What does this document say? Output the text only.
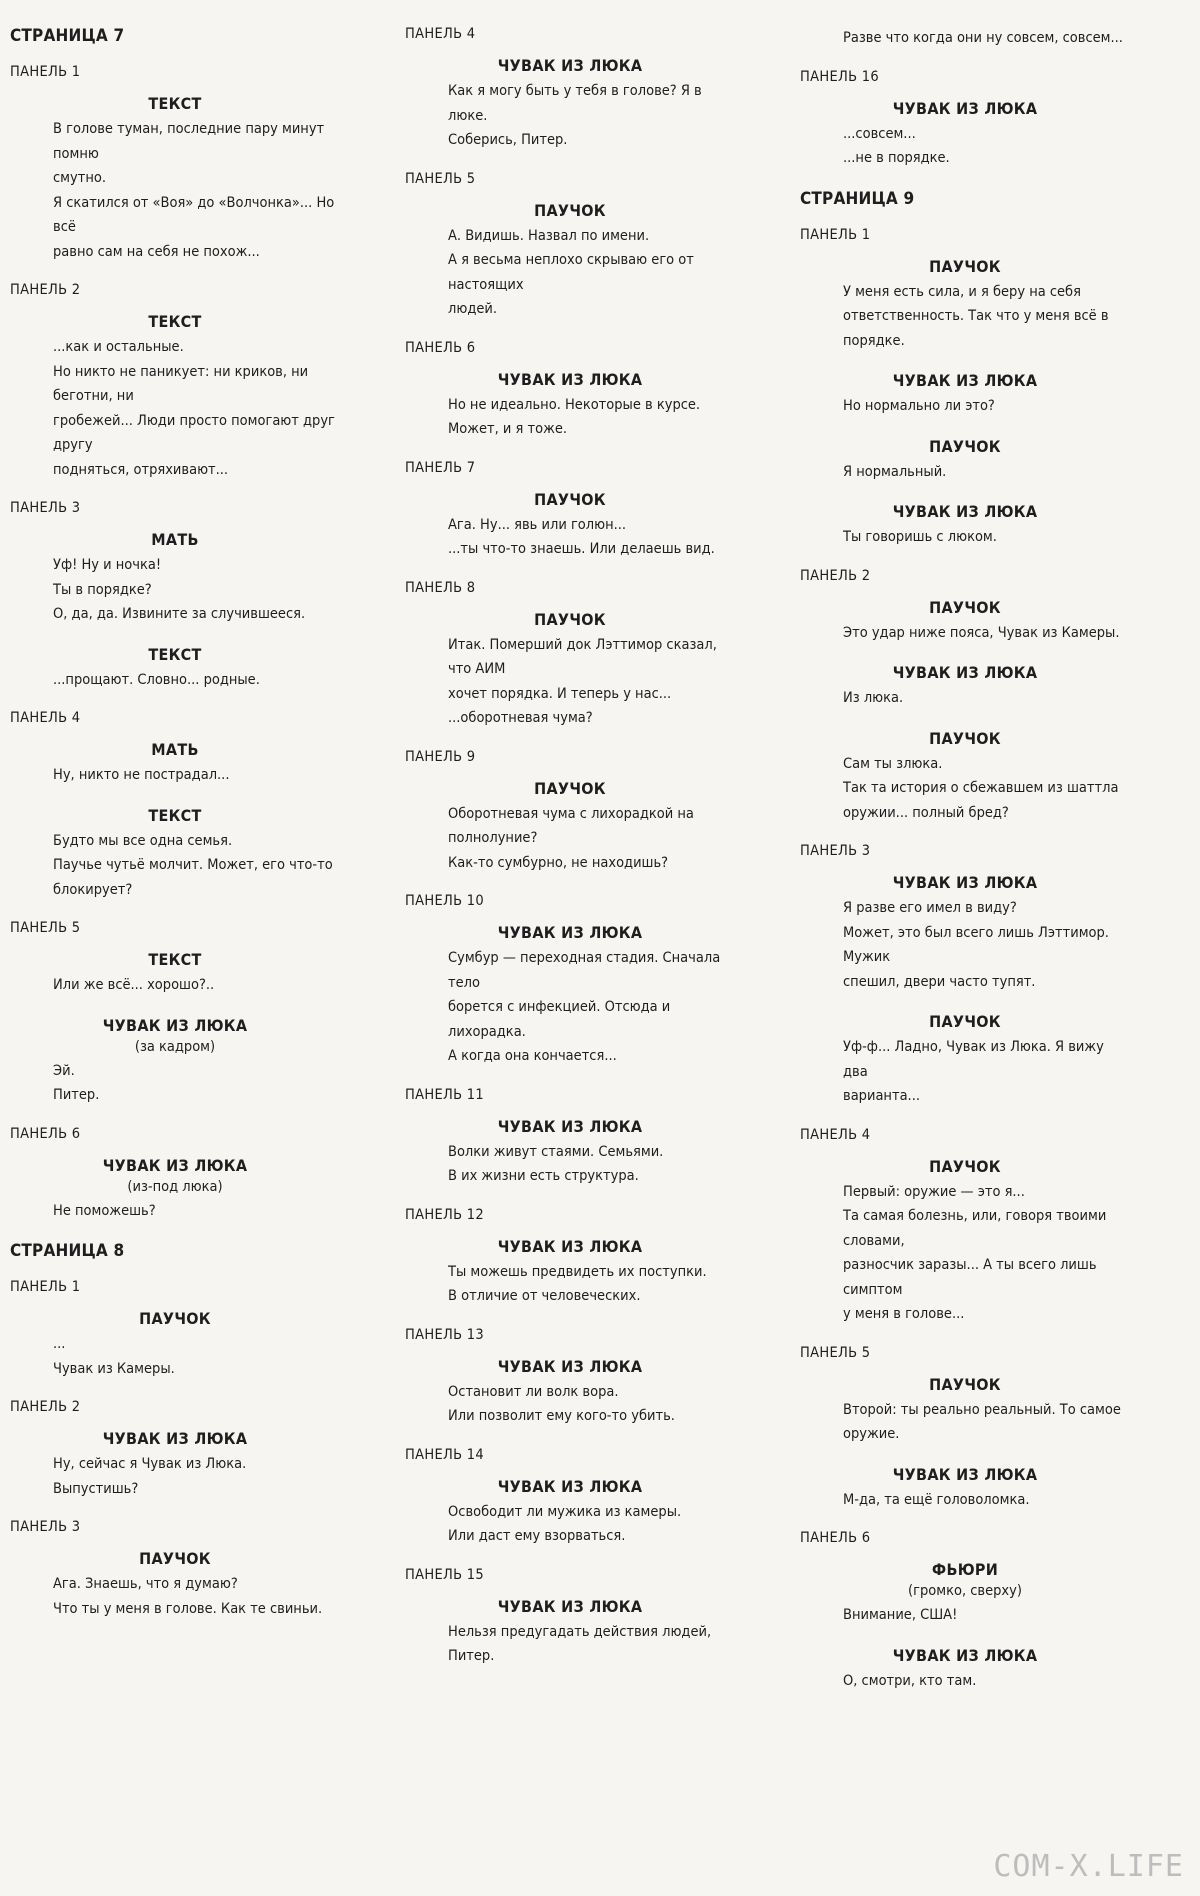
СТРАНИЦА 7
ПАНЕЛЬ 1
ТЕКСТ
В голове туман, последние пару минут помню
смутно.
Я скатился от «Воя» до «Волчонка»... Но всё
равно сам на себя не похож...
ПАНЕЛЬ 2
ТЕКСТ
...как и остальные.
Но никто не паникует: ни криков, ни беготни, ни
гробежей... Люди просто помогают друг другу
подняться, отряхивают...
ПАНЕЛЬ 3
МАТЬ
Уф! Ну и ночка!
Ты в порядке?
О, да, да. Извините за случившееся.
ТЕКСТ
...прощают. Словно... родные.
ПАНЕЛЬ 4
МАТЬ
Ну, никто не пострадал...
ТЕКСТ
Будто мы все одна семья.
Паучье чутьё молчит. Может, его что-то
блокирует?
ПАНЕЛЬ 5
ТЕКСТ
Или же всё... хорошо?..
ЧУВАК ИЗ ЛЮКА
(за кадром)
Эй.
Питер.
ПАНЕЛЬ 6
ЧУВАК ИЗ ЛЮКА
(из-под люка)
Не поможешь?
СТРАНИЦА 8
ПАНЕЛЬ 1
ПАУЧОК
...
Чувак из Камеры.
ПАНЕЛЬ 2
ЧУВАК ИЗ ЛЮКА
Ну, сейчас я Чувак из Люка.
Выпустишь?
ПАНЕЛЬ 3
ПАУЧОК
Ага. Знаешь, что я думаю?
Что ты у меня в голове. Как те свиньи.
ПАНЕЛЬ 4
ЧУВАК ИЗ ЛЮКА
Как я могу быть у тебя в голове? Я в люке.
Соберись, Питер.
ПАНЕЛЬ 5
ПАУЧОК
А. Видишь. Назвал по имени.
А я весьма неплохо скрываю его от настоящих
людей.
ПАНЕЛЬ 6
ЧУВАК ИЗ ЛЮКА
Но не идеально. Некоторые в курсе.
Может, и я тоже.
ПАНЕЛЬ 7
ПАУЧОК
Ага. Ну... явь или голюн...
...ты что-то знаешь. Или делаешь вид.
ПАНЕЛЬ 8
ПАУЧОК
Итак. Померший док Лэттимор сказал, что АИМ
хочет порядка. И теперь у нас...
...оборотневая чума?
ПАНЕЛЬ 9
ПАУЧОК
Оборотневая чума с лихорадкой на полнолуние?
Как-то сумбурно, не находишь?
ПАНЕЛЬ 10
ЧУВАК ИЗ ЛЮКА
Сумбур — переходная стадия. Сначала тело
борется с инфекцией. Отсюда и лихорадка.
А когда она кончается...
ПАНЕЛЬ 11
ЧУВАК ИЗ ЛЮКА
Волки живут стаями. Семьями.
В их жизни есть структура.
ПАНЕЛЬ 12
ЧУВАК ИЗ ЛЮКА
Ты можешь предвидеть их поступки.
В отличие от человеческих.
ПАНЕЛЬ 13
ЧУВАК ИЗ ЛЮКА
Остановит ли волк вора.
Или позволит ему кого-то убить.
ПАНЕЛЬ 14
ЧУВАК ИЗ ЛЮКА
Освободит ли мужика из камеры.
Или даст ему взорваться.
ПАНЕЛЬ 15
ЧУВАК ИЗ ЛЮКА
Нельзя предугадать действия людей, Питер.
Разве что когда они ну совсем, совсем...
ПАНЕЛЬ 16
ЧУВАК ИЗ ЛЮКА
...совсем...
...не в порядке.
СТРАНИЦА 9
ПАНЕЛЬ 1
ПАУЧОК
У меня есть сила, и я беру на себя
ответственность. Так что у меня всё в порядке.
ЧУВАК ИЗ ЛЮКА
Но нормально ли это?
ПАУЧОК
Я нормальный.
ЧУВАК ИЗ ЛЮКА
Ты говоришь с люком.
ПАНЕЛЬ 2
ПАУЧОК
Это удар ниже пояса, Чувак из Камеры.
ЧУВАК ИЗ ЛЮКА
Из люка.
ПАУЧОК
Сам ты злюка.
Так та история о сбежавшем из шаттла
оружии... полный бред?
ПАНЕЛЬ 3
ЧУВАК ИЗ ЛЮКА
Я разве его имел в виду?
Может, это был всего лишь Лэттимор. Мужик
спешил, двери часто тупят.
ПАУЧОК
Уф-ф... Ладно, Чувак из Люка. Я вижу два
варианта...
ПАНЕЛЬ 4
ПАУЧОК
Первый: оружие — это я...
Та самая болезнь, или, говоря твоими словами,
разносчик заразы... А ты всего лишь симптом
у меня в голове...
ПАНЕЛЬ 5
ПАУЧОК
Второй: ты реально реальный. То самое оружие.
ЧУВАК ИЗ ЛЮКА
М-да, та ещё головоломка.
ПАНЕЛЬ 6
ФЬЮРИ
(громко, сверху)
Внимание, США!
ЧУВАК ИЗ ЛЮКА
О, смотри, кто там.
COM-X.LIFE
